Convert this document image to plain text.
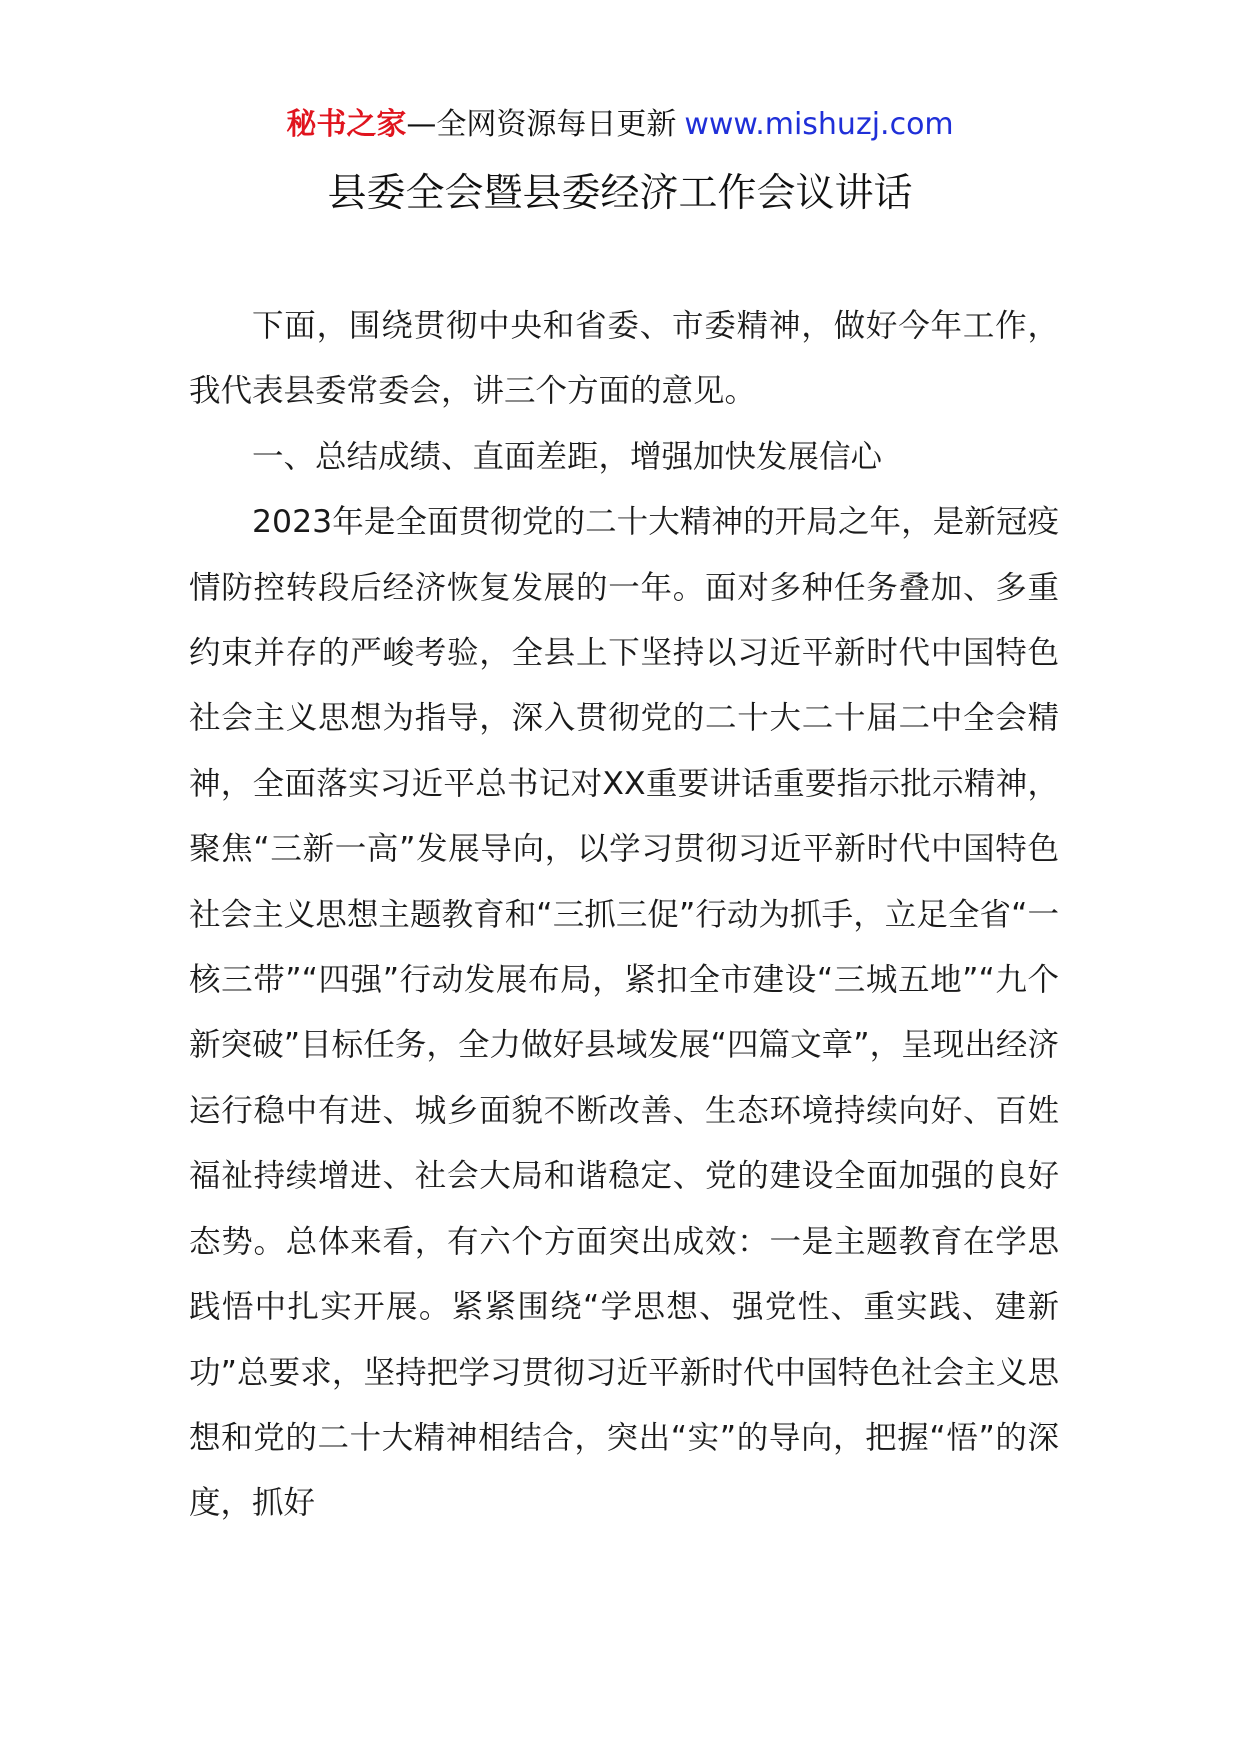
秘书之家—全网资源每日更新 www.mishuzj.com
县委全会暨县委经济工作会议讲话

下面，围绕贯彻中央和省委、市委精神，做好今年工作，我代表县委常委会，讲三个方面的意见。

一、总结成绩、直面差距，增强加快发展信心

2023年是全面贯彻党的二十大精神的开局之年，是新冠疫情防控转段后经济恢复发展的一年。面对多种任务叠加、多重约束并存的严峻考验，全县上下坚持以习近平新时代中国特色社会主义思想为指导，深入贯彻党的二十大二十届二中全会精神，全面落实习近平总书记对XX重要讲话重要指示批示精神，聚焦“三新一高”发展导向，以学习贯彻习近平新时代中国特色社会主义思想主题教育和“三抓三促”行动为抓手，立足全省“一核三带”“四强”行动发展布局，紧扣全市建设“三城五地”“九个新突破”目标任务，全力做好县域发展“四篇文章”，呈现出经济运行稳中有进、城乡面貌不断改善、生态环境持续向好、百姓福祉持续增进、社会大局和谐稳定、党的建设全面加强的良好态势。总体来看，有六个方面突出成效：一是主题教育在学思践悟中扎实开展。紧紧围绕“学思想、强党性、重实践、建新功”总要求，坚持把学习贯彻习近平新时代中国特色社会主义思想和党的二十大精神相结合，突出“实”的导向，把握“悟”的深度，抓好
